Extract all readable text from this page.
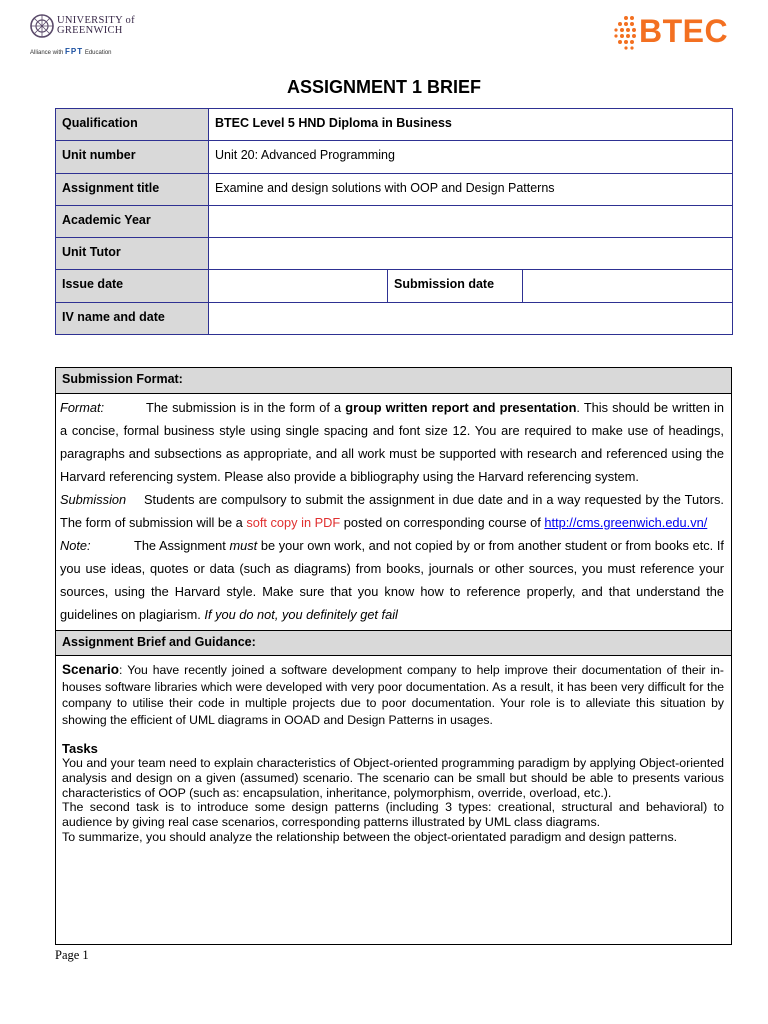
UNIVERSITY of
GREENWICH
Alliance with FPT Education
BTEC
ASSIGNMENT 1 BRIEF
Qualification	BTEC Level 5 HND Diploma in Business		
Unit number	Unit 20: Advanced Programming		
Assignment title	Examine and design solutions with OOP and Design Patterns		
Academic Year			
Unit Tutor			
Issue date		Submission date	
IV name and date			
Submission Format:

Format:	The submission is in the form of a group written report and presentation. This should be written in a concise, formal business style using single spacing and font size 12. You are required to make use of headings, paragraphs and subsections as appropriate, and all work must be supported with research and referenced using the Harvard referencing system. Please also provide a bibliography using the Harvard referencing system.

Submission Students are compulsory to submit the assignment in due date and in a way requested by the Tutors. The form of submission will be a soft copy in PDF posted on corresponding course of http://cms.greenwich.edu.vn/

Note:	The Assignment must be your own work, and not copied by or from another student or from books etc. If you use ideas, quotes or data (such as diagrams) from books, journals or other sources, you must reference your sources, using the Harvard style. Make sure that you know how to reference properly, and that understand the guidelines on plagiarism. If you do not, you definitely get fail

Assignment Brief and Guidance:

Scenario: You have recently joined a software development company to help improve their documentation of their in-houses software libraries which were developed with very poor documentation. As a result, it has been very difficult for the company to utilise their code in multiple projects due to poor documentation. Your role is to alleviate this situation by showing the efficient of UML diagrams in OOAD and Design Patterns in usages.

Tasks

You and your team need to explain characteristics of Object-oriented programming paradigm by applying Object-oriented analysis and design on a given (assumed) scenario. The scenario can be small but should be able to presents various characteristics of OOP (such as: encapsulation, inheritance, polymorphism, override, overload, etc.).

The second task is to introduce some design patterns (including 3 types: creational, structural and behavioral) to audience by giving real case scenarios, corresponding patterns illustrated by UML class diagrams.

To summarize, you should analyze the relationship between the object-orientated paradigm and design patterns.

Page 1
